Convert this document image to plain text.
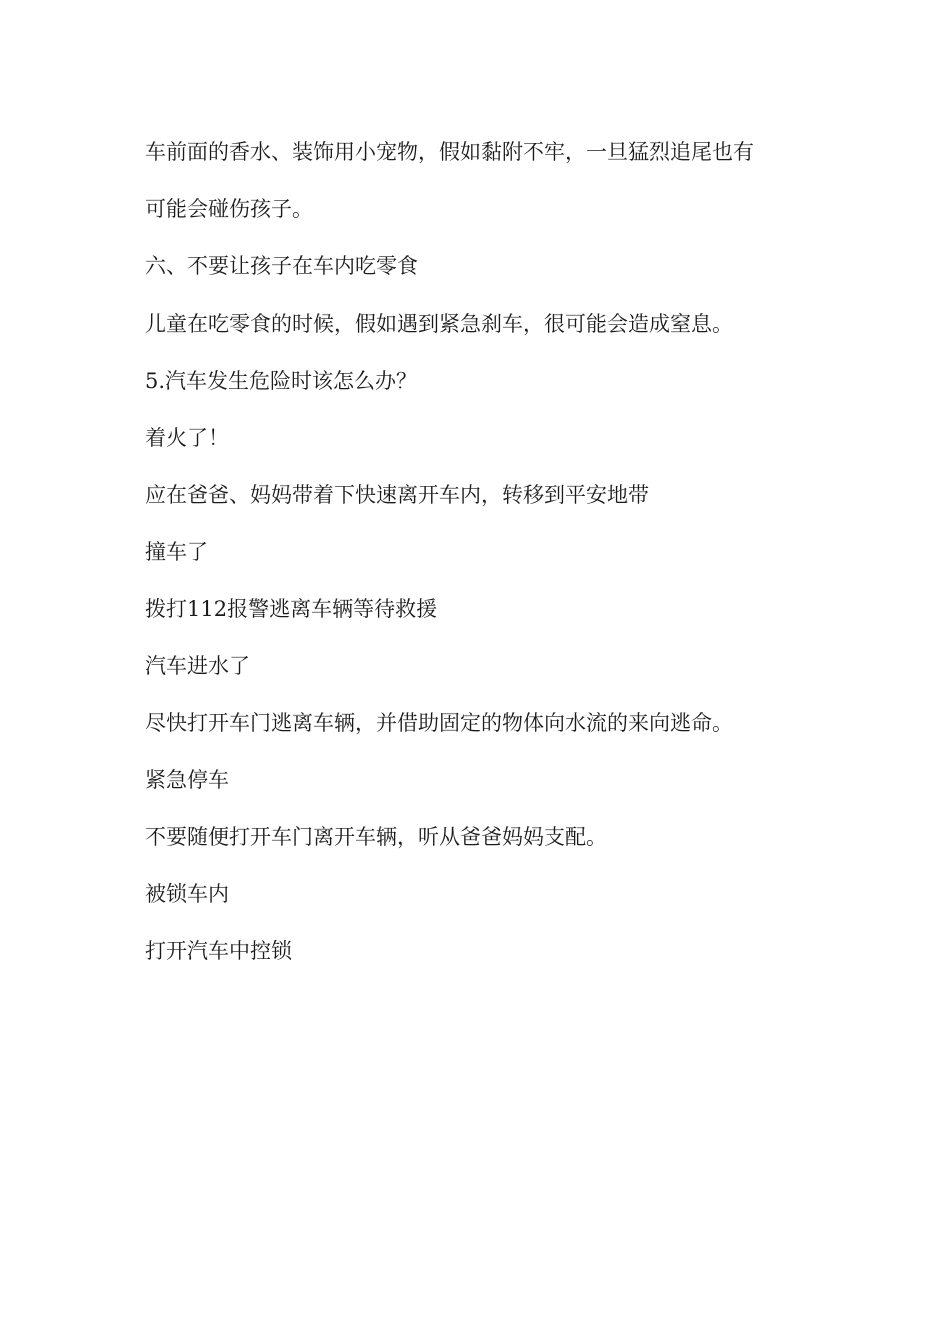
车前面的香水、装饰用小宠物，假如黏附不牢，一旦猛烈追尾也有

可能会碰伤孩子。

六、不要让孩子在车内吃零食

儿童在吃零食的时候，假如遇到紧急刹车，很可能会造成窒息。

5.汽车发生危险时该怎么办？

着火了！

应在爸爸、妈妈带着下快速离开车内，转移到平安地带

撞车了

拨打112报警逃离车辆等待救援

汽车进水了

尽快打开车门逃离车辆，并借助固定的物体向水流的来向逃命。

紧急停车

不要随便打开车门离开车辆，听从爸爸妈妈支配。

被锁车内

打开汽车中控锁
